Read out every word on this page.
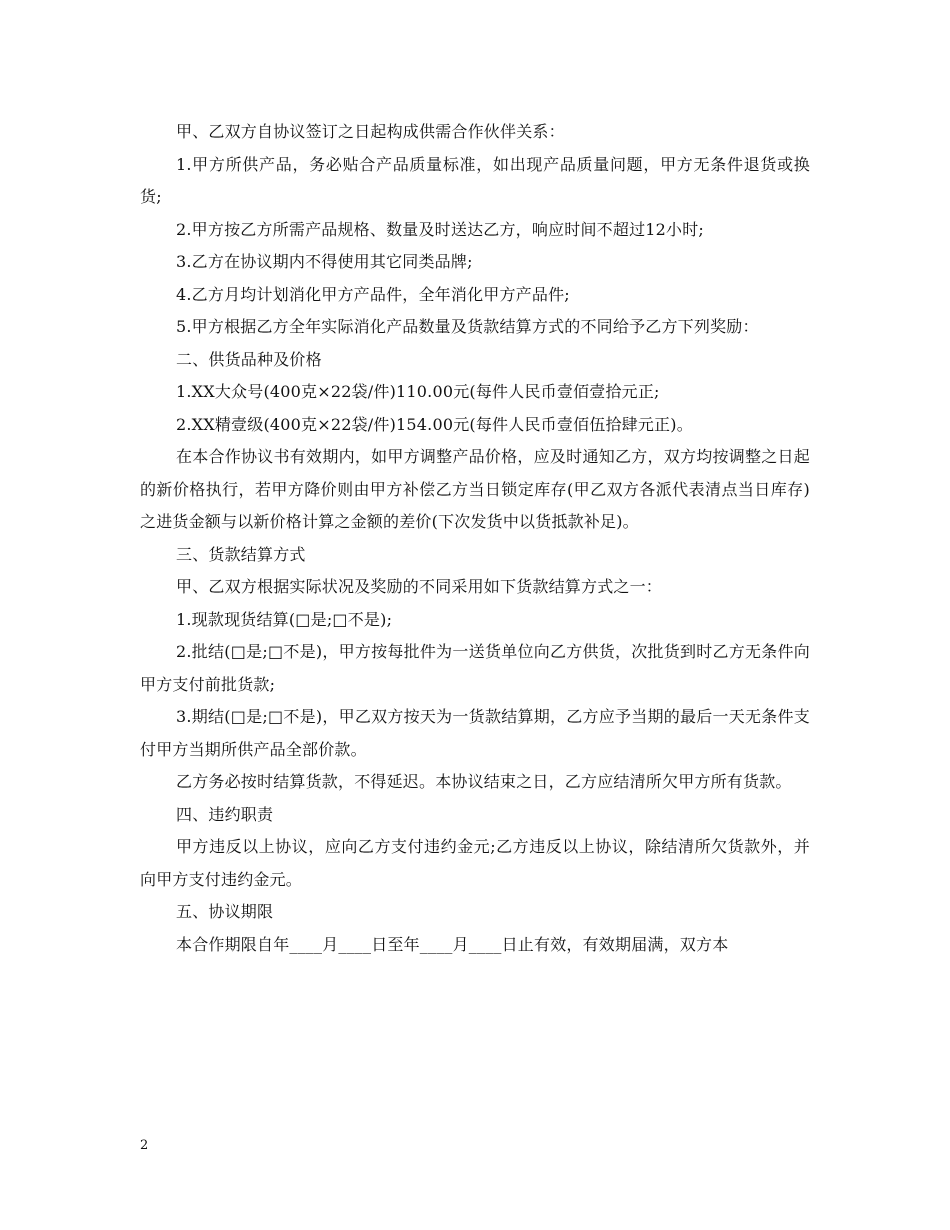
甲、乙双方自协议签订之日起构成供需合作伙伴关系：

1.甲方所供产品，务必贴合产品质量标准，如出现产品质量问题，甲方无条件退货或换货;

2.甲方按乙方所需产品规格、数量及时送达乙方，响应时间不超过12小时;

3.乙方在协议期内不得使用其它同类品牌;

4.乙方月均计划消化甲方产品件，全年消化甲方产品件;

5.甲方根据乙方全年实际消化产品数量及货款结算方式的不同给予乙方下列奖励：

二、供货品种及价格

1.XX大众号(400克×22袋/件)110.00元(每件人民币壹佰壹拾元正;

2.XX精壹级(400克×22袋/件)154.00元(每件人民币壹佰伍拾肆元正)。

在本合作协议书有效期内，如甲方调整产品价格，应及时通知乙方，双方均按调整之日起的新价格执行，若甲方降价则由甲方补偿乙方当日锁定库存(甲乙双方各派代表清点当日库存)之进货金额与以新价格计算之金额的差价(下次发货中以货抵款补足)。

三、货款结算方式

甲、乙双方根据实际状况及奖励的不同采用如下货款结算方式之一：

1.现款现货结算(□是;□不是);

2.批结(□是;□不是)，甲方按每批件为一送货单位向乙方供货，次批货到时乙方无条件向甲方支付前批货款;

3.期结(□是;□不是)，甲乙双方按天为一货款结算期，乙方应予当期的最后一天无条件支付甲方当期所供产品全部价款。

乙方务必按时结算货款，不得延迟。本协议结束之日，乙方应结清所欠甲方所有货款。

四、违约职责

甲方违反以上协议，应向乙方支付违约金元;乙方违反以上协议，除结清所欠货款外，并向甲方支付违约金元。

五、协议期限

本合作期限自年____月____日至年____月____日止有效，有效期届满，双方本

2
